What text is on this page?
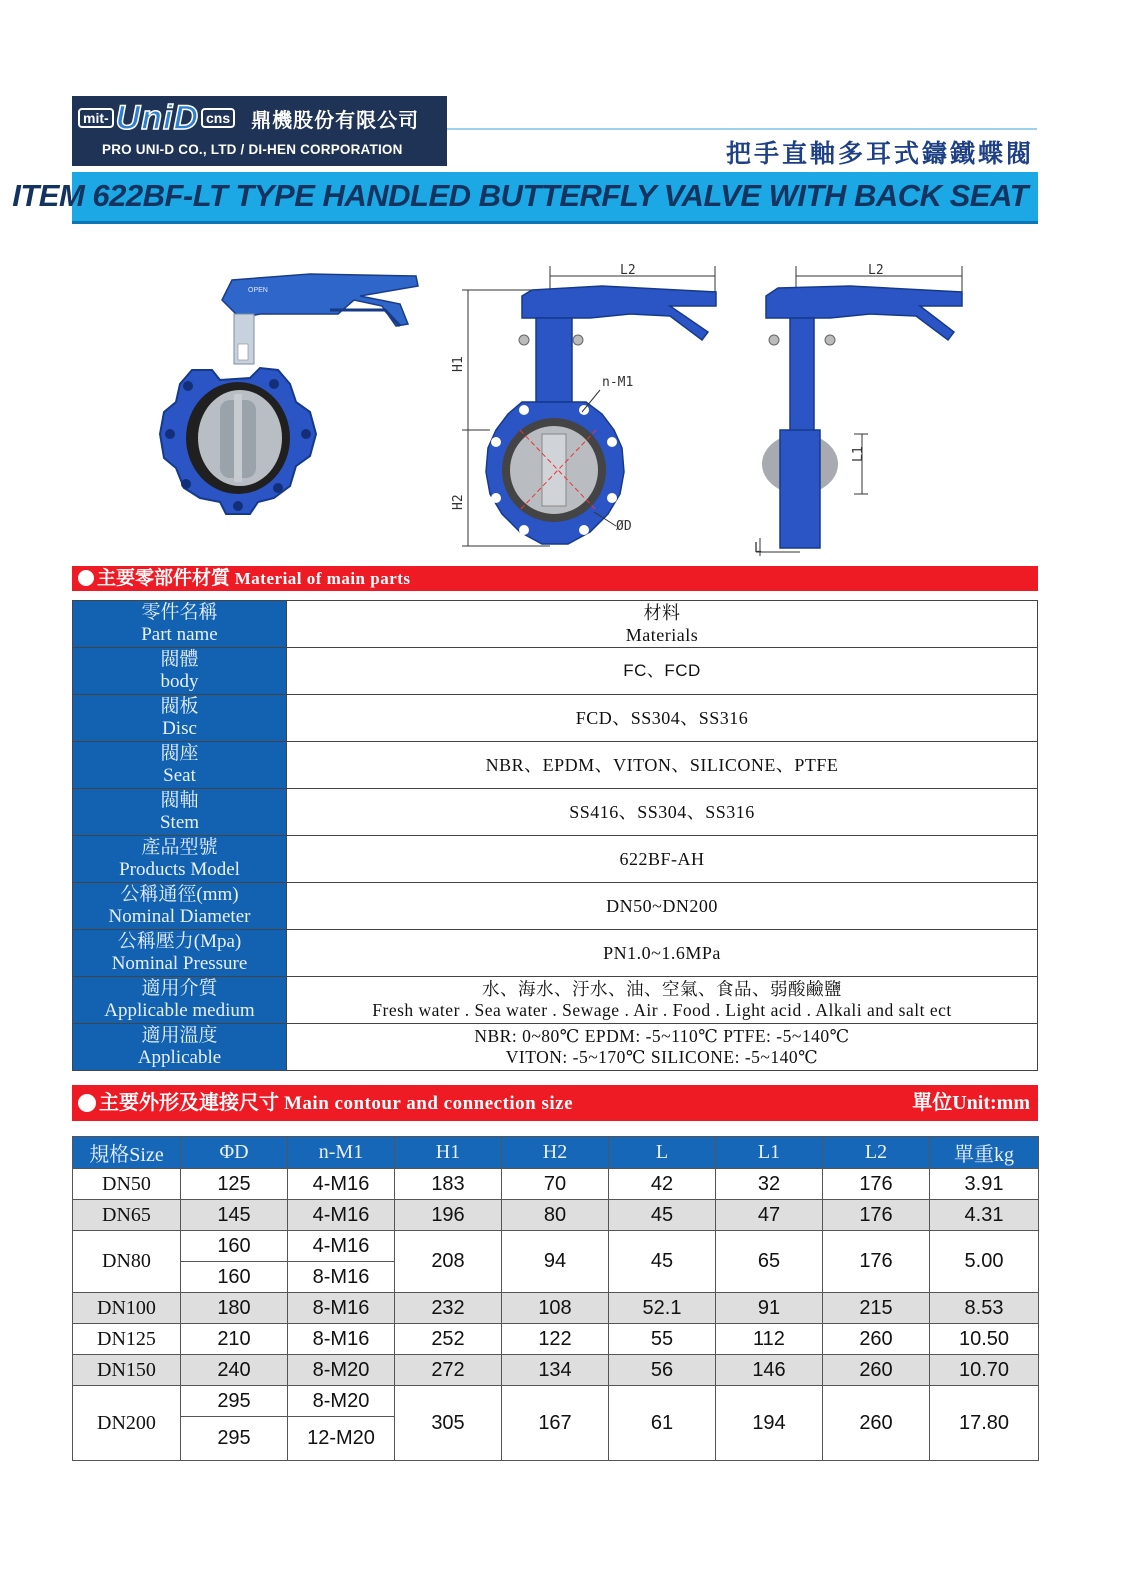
mit- UniD cns 鼎機股份有限公司
PRO UNI-D CO., LTD / DI-HEN CORPORATION	把手直軸多耳式鑄鐵蝶閥
ITEM 622BF-LT TYPE HANDLED BUTTERFLY VALVE WITH BACK SEAT
OPEN
L2
H1
H2
n-M1
ØD
L2
L1
L
主要零部件材質 Material of main parts
零件名稱
Part name	材料
Materials

閥體
body	FC、FCD

閥板
Disc	FCD、SS304、SS316

閥座
Seat	NBR、EPDM、VITON、SILICONE、PTFE

閥軸
Stem	SS416、SS304、SS316

產品型號
Products Model	622BF-AH

公稱通徑(mm)
Nominal Diameter	DN50~DN200

公稱壓力(Mpa)
Nominal Pressure	PN1.0~1.6MPa

適用介質
Applicable medium	水、海水、汙水、油、空氣、食品、弱酸鹼鹽
Fresh water . Sea water . Sewage . Air . Food . Light acid . Alkali and salt ect

適用溫度
Applicable	NBR: 0~80℃ EPDM: -5~110℃ PTFE: -5~140℃
VITON: -5~170℃ SILICONE: -5~140℃
主要外形及連接尺寸 Main contour and connection size	單位Unit:mm
規格Size	ΦD	n-M1	H1	H2	L	L1	L2	單重kg
DN50	125	4-M16	183	70	42	32	176	3.91
DN65	145	4-M16	196	80	45	47	176	4.31
DN80	160	4-M16	208	94	45	65	176	5.00
	160	8-M16						
DN100	180	8-M16	232	108	52.1	91	215	8.53
DN125	210	8-M16	252	122	55	112	260	10.50
DN150	240	8-M20	272	134	56	146	260	10.70
DN200	295	8-M20	305	167	61	194	260	17.80
	295	12-M20						
